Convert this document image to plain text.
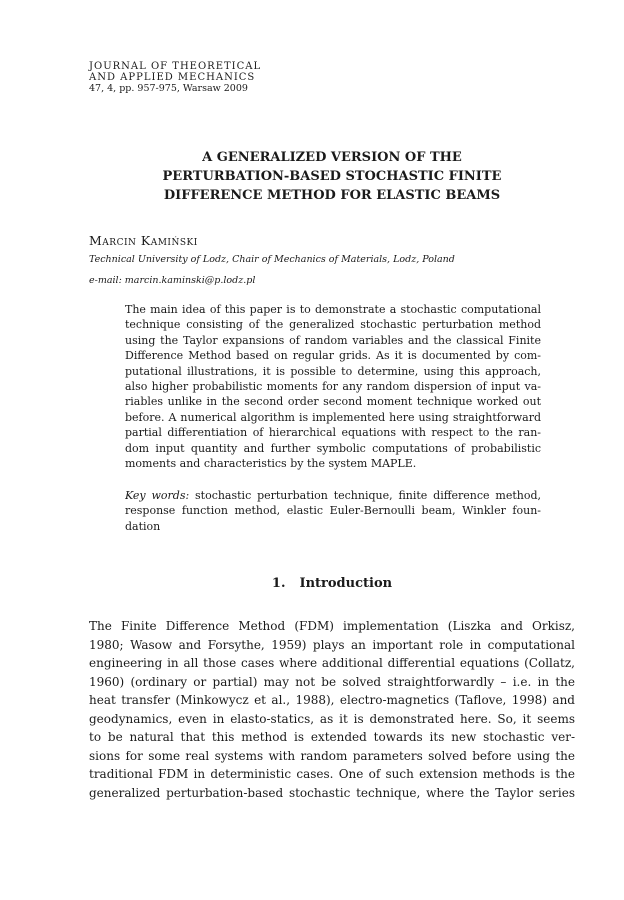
JOURNAL OF THEORETICAL
AND APPLIED MECHANICS
47, 4, pp. 957-975, Warsaw 2009
A GENERALIZED VERSION OF THE
PERTURBATION-BASED STOCHASTIC FINITE
DIFFERENCE METHOD FOR ELASTIC BEAMS
Marcin Kamiński
Technical University of Lodz, Chair of Mechanics of Materials, Lodz, Poland
e-mail: marcin.kaminski@p.lodz.pl
The main idea of this paper is to demonstrate a stochastic computational
technique consisting of the generalized stochastic perturbation method
using the Taylor expansions of random variables and the classical Finite
Difference Method based on regular grids. As it is documented by com-
putational illustrations, it is possible to determine, using this approach,
also higher probabilistic moments for any random dispersion of input va-
riables unlike in the second order second moment technique worked out
before. A numerical algorithm is implemented here using straightforward
partial differentiation of hierarchical equations with respect to the ran-
dom input quantity and further symbolic computations of probabilistic
moments and characteristics by the system MAPLE.
Key words: stochastic perturbation technique, finite difference method,
response function method, elastic Euler-Bernoulli beam, Winkler foun-
dation
1. Introduction
The Finite Difference Method (FDM) implementation (Liszka and Orkisz,
1980; Wasow and Forsythe, 1959) plays an important role in computational
engineering in all those cases where additional differential equations (Collatz,
1960) (ordinary or partial) may not be solved straightforwardly – i.e. in the
heat transfer (Minkowycz et al., 1988), electro-magnetics (Taflove, 1998) and
geodynamics, even in elasto-statics, as it is demonstrated here. So, it seems
to be natural that this method is extended towards its new stochastic ver-
sions for some real systems with random parameters solved before using the
traditional FDM in deterministic cases. One of such extension methods is the
generalized perturbation-based stochastic technique, where the Taylor series
